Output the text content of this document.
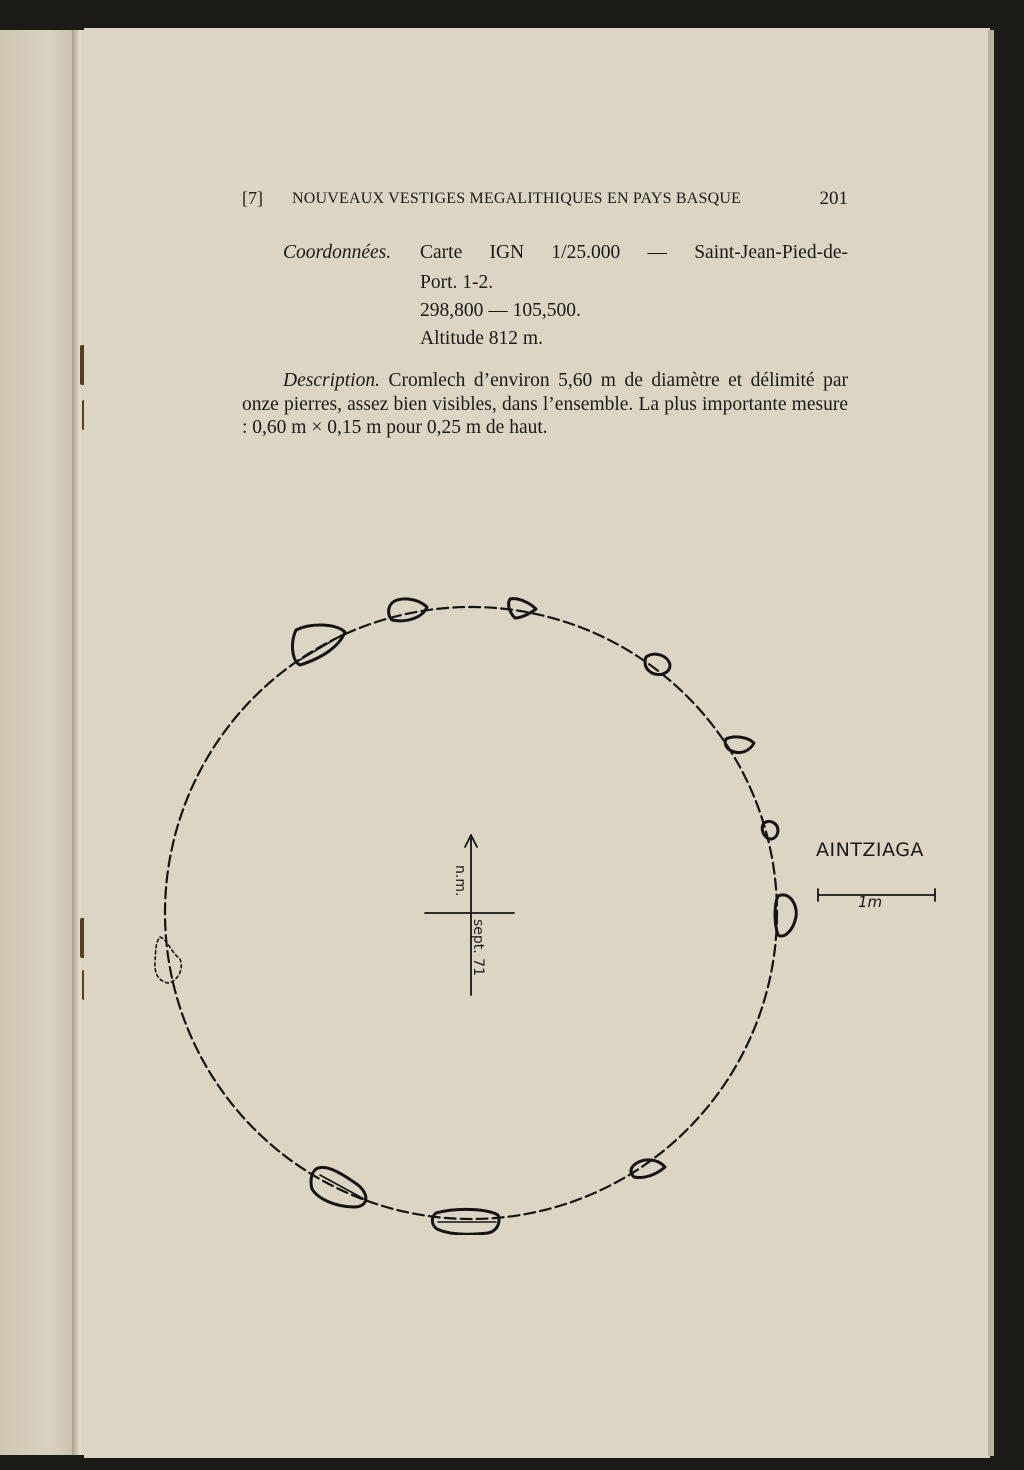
[7] NOUVEAUX VESTIGES MEGALITHIQUES EN PAYS BASQUE	201
Coordonnées. Carte IGN 1/25.000 — Saint-Jean-Pied-de-
Port. 1-2.
298,800 — 105,500.
Altitude 812 m.
Description. Cromlech d’environ 5,60 m de diamètre et délimité par onze pierres, assez bien visibles, dans l’ensemble. La plus importante mesure : 0,60 m × 0,15 m pour 0,25 m de haut.
AINTZIAGA
1m
n.m.
sept. 71
